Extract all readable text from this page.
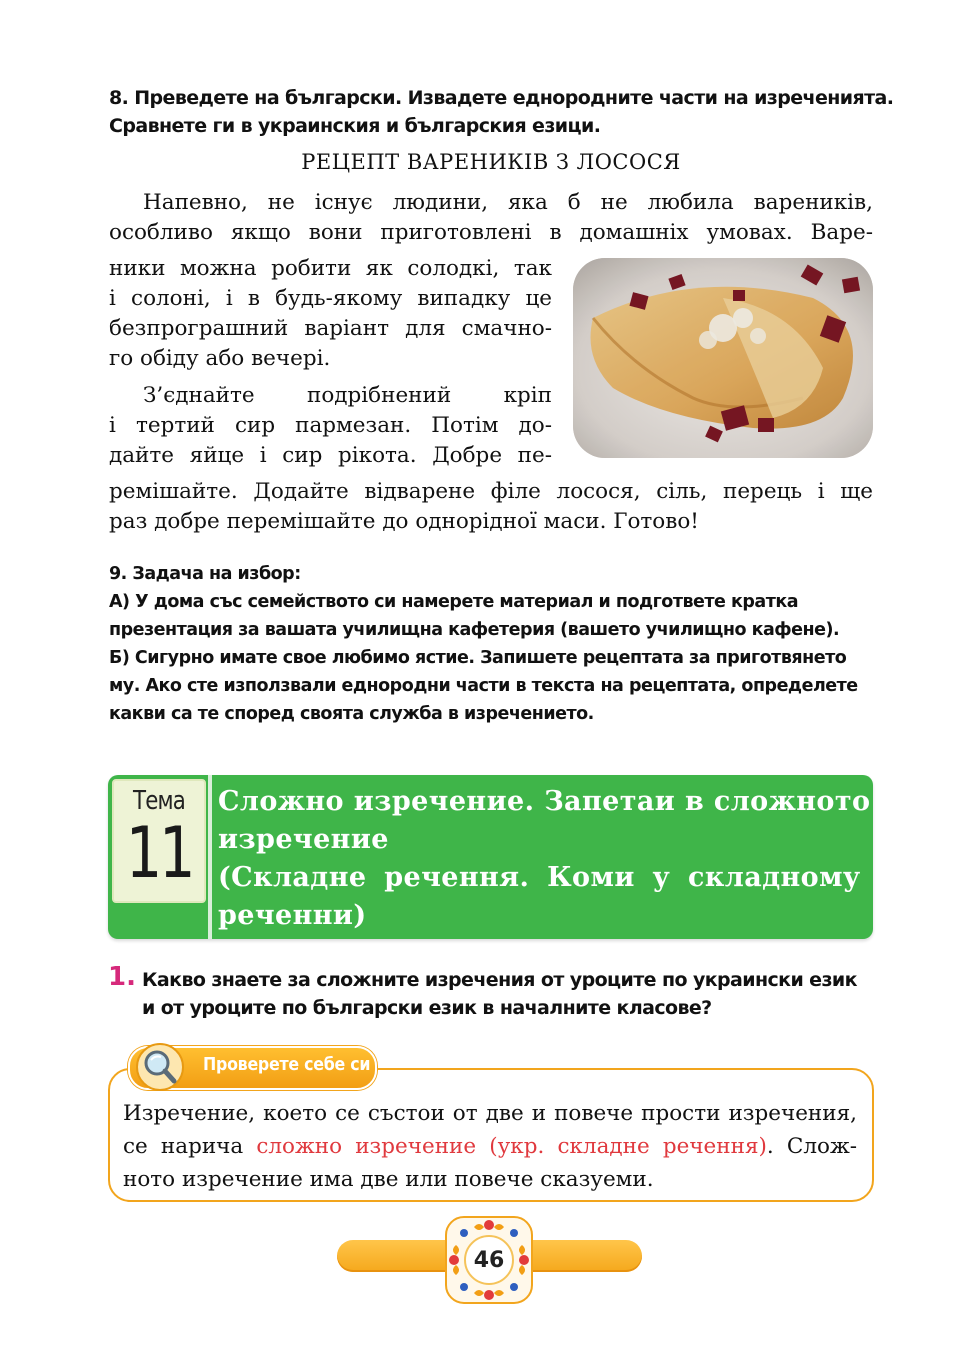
8. Преведете на български. Извадете еднородните части на изреченията.
Сравнете ги в украинския и българския езици.
РЕЦЕПТ ВАРЕНИКІВ З ЛОСОСЯ
Напевно, не існує людини, яка б не любила вареників,
особливо якщо вони приготовлені в домашніх умовах. Варе-
ники можна робити як солодкі, так
і солоні, і в будь-якому випадку це
безпрограшний варіант для смачно-
го обіду або вечері.
З’єднайте подрібнений кріп
і тертий сир пармезан. Потім до-
дайте яйце і сир рікота. Добре пе-
ремішайте. Додайте відварене філе лосося, сіль, перець і ще
раз добре перемішайте до однорідної маси. Готово!
9. Задача на избор:
А) У дома със семейството си намерете материал и подгответе кратка
презентация за вашата училищна кафетерия (вашето училищно кафене).
Б) Сигурно имате свое любимо ястие. Запишете рецептата за приготвянето
му. Ако сте използвали еднородни части в текста на рецептата, определете
какви са те според своята служба в изречението.
Тема
11
Сложно изречение. Запетаи в сложното
изречение
(Складне речення. Коми у складному
реченни)
1. Какво знаете за сложните изречения от уроците по украински език
и от уроците по български език в началните класове?
Проверете себе си
Изречение, което се състои от две и повече прости изречения,
се нарича сложно изречение (укр. складне речення). Слож-
ното изречение има две или повече сказуеми.
46
